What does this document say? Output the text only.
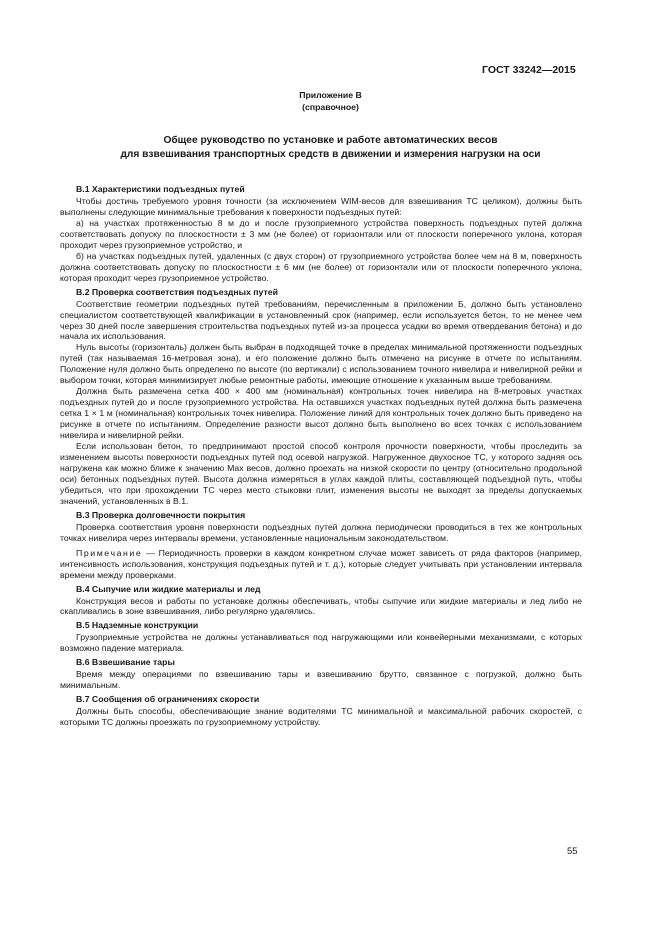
ГОСТ 33242—2015
Приложение В
(справочное)
Общее руководство по установке и работе автоматических весов
для взвешивания транспортных средств в движении и измерения нагрузки на оси
В.1 Характеристики подъездных путей

Чтобы достичь требуемого уровня точности (за исключением WIM-весов для взвешивания ТС целиком), должны быть выполнены следующие минимальные требования к поверхности подъездных путей:

а) на участках протяженностью 8 м до и после грузоприемного устройства поверхность подъездных путей должна соответствовать допуску по плоскостности ± 3 мм (не более) от горизонтали или от плоскости поперечного уклона, которая проходит через грузоприемное устройство, и

б) на участках подъездных путей, удаленных (с двух сторон) от грузоприемного устройства более чем на 8 м, поверхность должна соответствовать допуску по плоскостности ± 6 мм (не более) от горизонтали или от плоскости поперечного уклона, которая проходит через грузоприемное устройство.

В.2 Проверка соответствия подъездных путей

Соответствие геометрии подъездных путей требованиям, перечисленным в приложении Б, должно быть установлено специалистом соответствующей квалификации в установленный срок (например, если используется бетон, то не менее чем через 30 дней после завершения строительства подъездных путей из-за процесса усадки во время отвердевания бетона) и до начала их использования.

Нуль высоты (горизонталь) должен быть выбран в подходящей точке в пределах минимальной протяженности подъездных путей (так называемая 16-метровая зона), и его положение должно быть отмечено на рисунке в отчете по испытаниям. Положение нуля должно быть определено по высоте (по вертикали) с использованием точного нивелира и нивелирной рейки и выбором точки, которая минимизирует любые ремонтные работы, имеющие отношение к указанным выше требованиям.

Должна быть размечена сетка 400 × 400 мм (номинальная) контрольных точек нивелира на 8-метровых участках подъездных путей до и после грузоприемного устройства. На оставшихся участках подъездных путей должна быть размечена сетка 1 × 1 м (номинальная) контрольных точек нивелира. Положение линий для контрольных точек должно быть приведено на рисунке в отчете по испытаниям. Определение разности высот должно быть выполнено во всех точках с использованием нивелира и нивелирной рейки.

Если использован бетон, то предпринимают простой способ контроля прочности поверхности, чтобы проследить за изменением высоты поверхности подъездных путей под осевой нагрузкой. Нагруженное двухосное ТС, у которого задняя ось нагружена как можно ближе к значению Max весов, должно проехать на низкой скорости по центру (относительно продольной оси) бетонных подъездных путей. Высота должна измеряться в углах каждой плиты, составляющей подъездной путь, чтобы убедиться, что при прохождении ТС через место стыковки плит, изменения высоты не выходят за пределы допускаемых значений, установленных в В.1.

В.3 Проверка долговечности покрытия

Проверка соответствия уровня поверхности подъездных путей должна периодически проводиться в тех же контрольных точках нивелира через интервалы времени, установленные национальным законодательством.

Примечание — Периодичность проверки в каждом конкретном случае может зависеть от ряда факторов (например, интенсивность использования, конструкция подъездных путей и т. д.), которые следует учитывать при установлении интервала времени между проверками.

В.4 Сыпучие или жидкие материалы и лед

Конструкция весов и работы по установке должны обеспечивать, чтобы сыпучие или жидкие материалы и лед либо не скапливались в зоне взвешивания, либо регулярно удалялись.

В.5 Надземные конструкции

Грузоприемные устройства не должны устанавливаться под нагружающими или конвейерными механизмами, с которых возможно падение материала.

В.6 Взвешивание тары

Время между операциями по взвешиванию тары и взвешиванию брутто, связанное с погрузкой, должно быть минимальным.

В.7 Сообщения об ограничениях скорости

Должны быть способы, обеспечивающие знание водителями ТС минимальной и максимальной рабочих скоростей, с которыми ТС должны проезжать по грузоприемному устройству.

55
